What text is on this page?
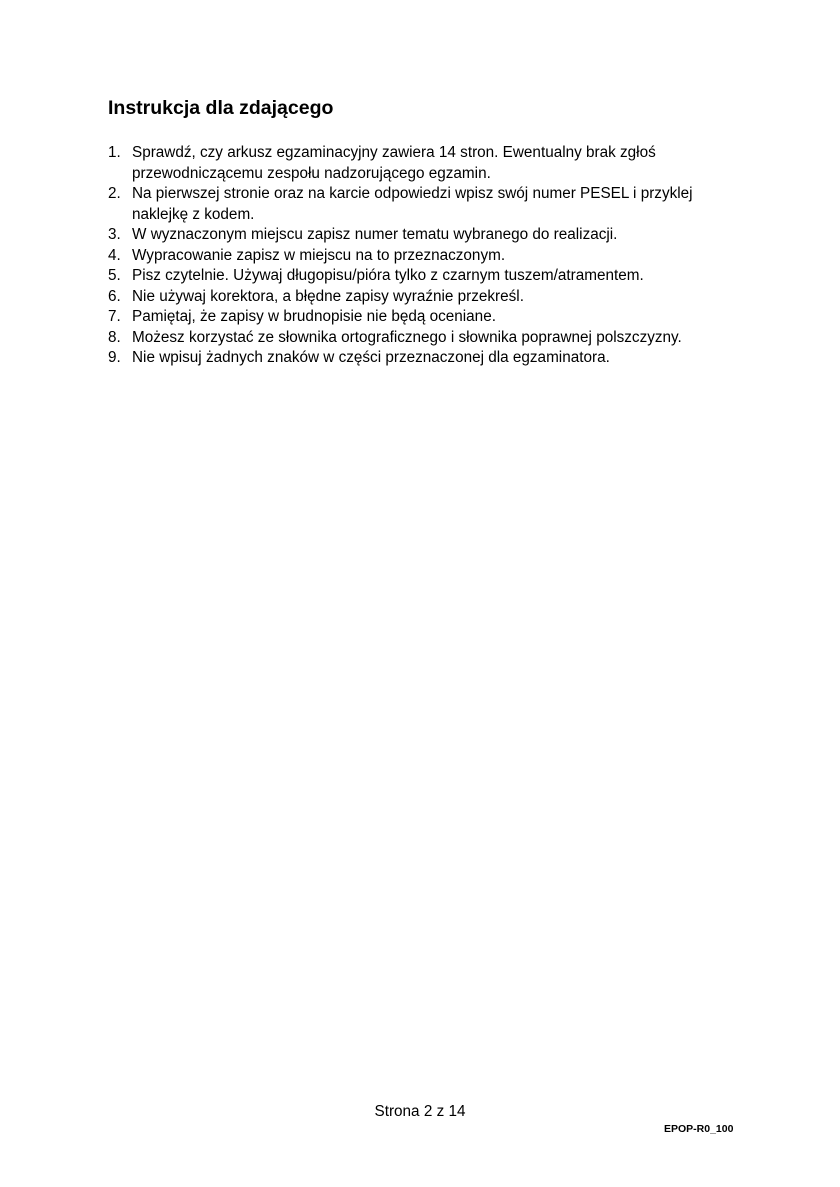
Instrukcja dla zdającego
1. Sprawdź, czy arkusz egzaminacyjny zawiera 14 stron. Ewentualny brak zgłoś przewodniczącemu zespołu nadzorującego egzamin.
2. Na pierwszej stronie oraz na karcie odpowiedzi wpisz swój numer PESEL i przyklej naklejkę z kodem.
3. W wyznaczonym miejscu zapisz numer tematu wybranego do realizacji.
4. Wypracowanie zapisz w miejscu na to przeznaczonym.
5. Pisz czytelnie. Używaj długopisu/pióra tylko z czarnym tuszem/atramentem.
6. Nie używaj korektora, a błędne zapisy wyraźnie przekreśl.
7. Pamiętaj, że zapisy w brudnopisie nie będą oceniane.
8. Możesz korzystać ze słownika ortograficznego i słownika poprawnej polszczyzny.
9. Nie wpisuj żadnych znaków w części przeznaczonej dla egzaminatora.
Strona 2 z 14
EPOP-R0_100
